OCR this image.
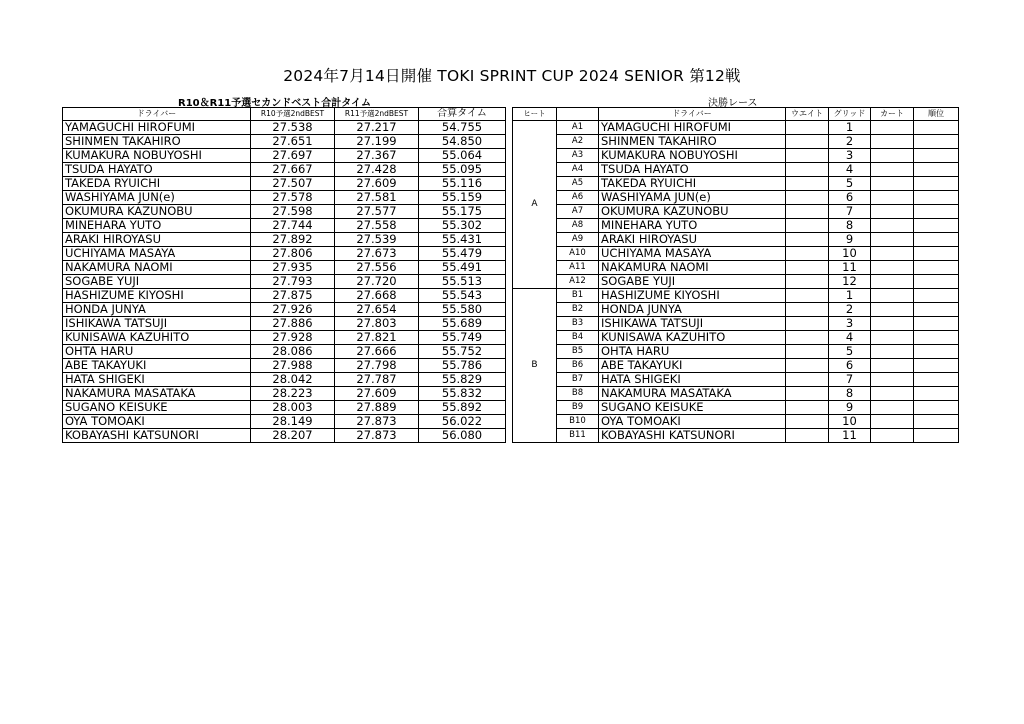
2024年7月14日開催 TOKI SPRINT CUP 2024 SENIOR 第12戦
R10＆R11予選セカンドベスト合計タイム	決勝レース
ドライバー	R10予選2ndBEST	R11予選2ndBEST	合算タイム
YAMAGUCHI HIROFUMI	27.538	27.217	54.755
SHINMEN TAKAHIRO	27.651	27.199	54.850
KUMAKURA NOBUYOSHI	27.697	27.367	55.064
TSUDA HAYATO	27.667	27.428	55.095
TAKEDA RYUICHI	27.507	27.609	55.116
WASHIYAMA JUN(e)	27.578	27.581	55.159
OKUMURA KAZUNOBU	27.598	27.577	55.175
MINEHARA YUTO	27.744	27.558	55.302
ARAKI HIROYASU	27.892	27.539	55.431
UCHIYAMA MASAYA	27.806	27.673	55.479
NAKAMURA NAOMI	27.935	27.556	55.491
SOGABE YUJI	27.793	27.720	55.513
HASHIZUME KIYOSHI	27.875	27.668	55.543
HONDA JUNYA	27.926	27.654	55.580
ISHIKAWA TATSUJI	27.886	27.803	55.689
KUNISAWA KAZUHITO	27.928	27.821	55.749
OHTA HARU	28.086	27.666	55.752
ABE TAKAYUKI	27.988	27.798	55.786
HATA SHIGEKI	28.042	27.787	55.829
NAKAMURA MASATAKA	28.223	27.609	55.832
SUGANO KEISUKE	28.003	27.889	55.892
OYA TOMOAKI	28.149	27.873	56.022
KOBAYASHI KATSUNORI	28.207	27.873	56.080
ヒート		ドライバー	ウエイト	グリッド	カート	順位
A	A1	YAMAGUCHI HIROFUMI		1		
	A2	SHINMEN TAKAHIRO		2		
	A3	KUMAKURA NOBUYOSHI		3		
	A4	TSUDA HAYATO		4		
	A5	TAKEDA RYUICHI		5		
	A6	WASHIYAMA JUN(e)		6		
	A7	OKUMURA KAZUNOBU		7		
	A8	MINEHARA YUTO		8		
	A9	ARAKI HIROYASU		9		
	A10	UCHIYAMA MASAYA		10		
	A11	NAKAMURA NAOMI		11		
	A12	SOGABE YUJI		12		
B	B1	HASHIZUME KIYOSHI		1		
	B2	HONDA JUNYA		2		
	B3	ISHIKAWA TATSUJI		3		
	B4	KUNISAWA KAZUHITO		4		
	B5	OHTA HARU		5		
	B6	ABE TAKAYUKI		6		
	B7	HATA SHIGEKI		7		
	B8	NAKAMURA MASATAKA		8		
	B9	SUGANO KEISUKE		9		
	B10	OYA TOMOAKI		10		
	B11	KOBAYASHI KATSUNORI		11		
